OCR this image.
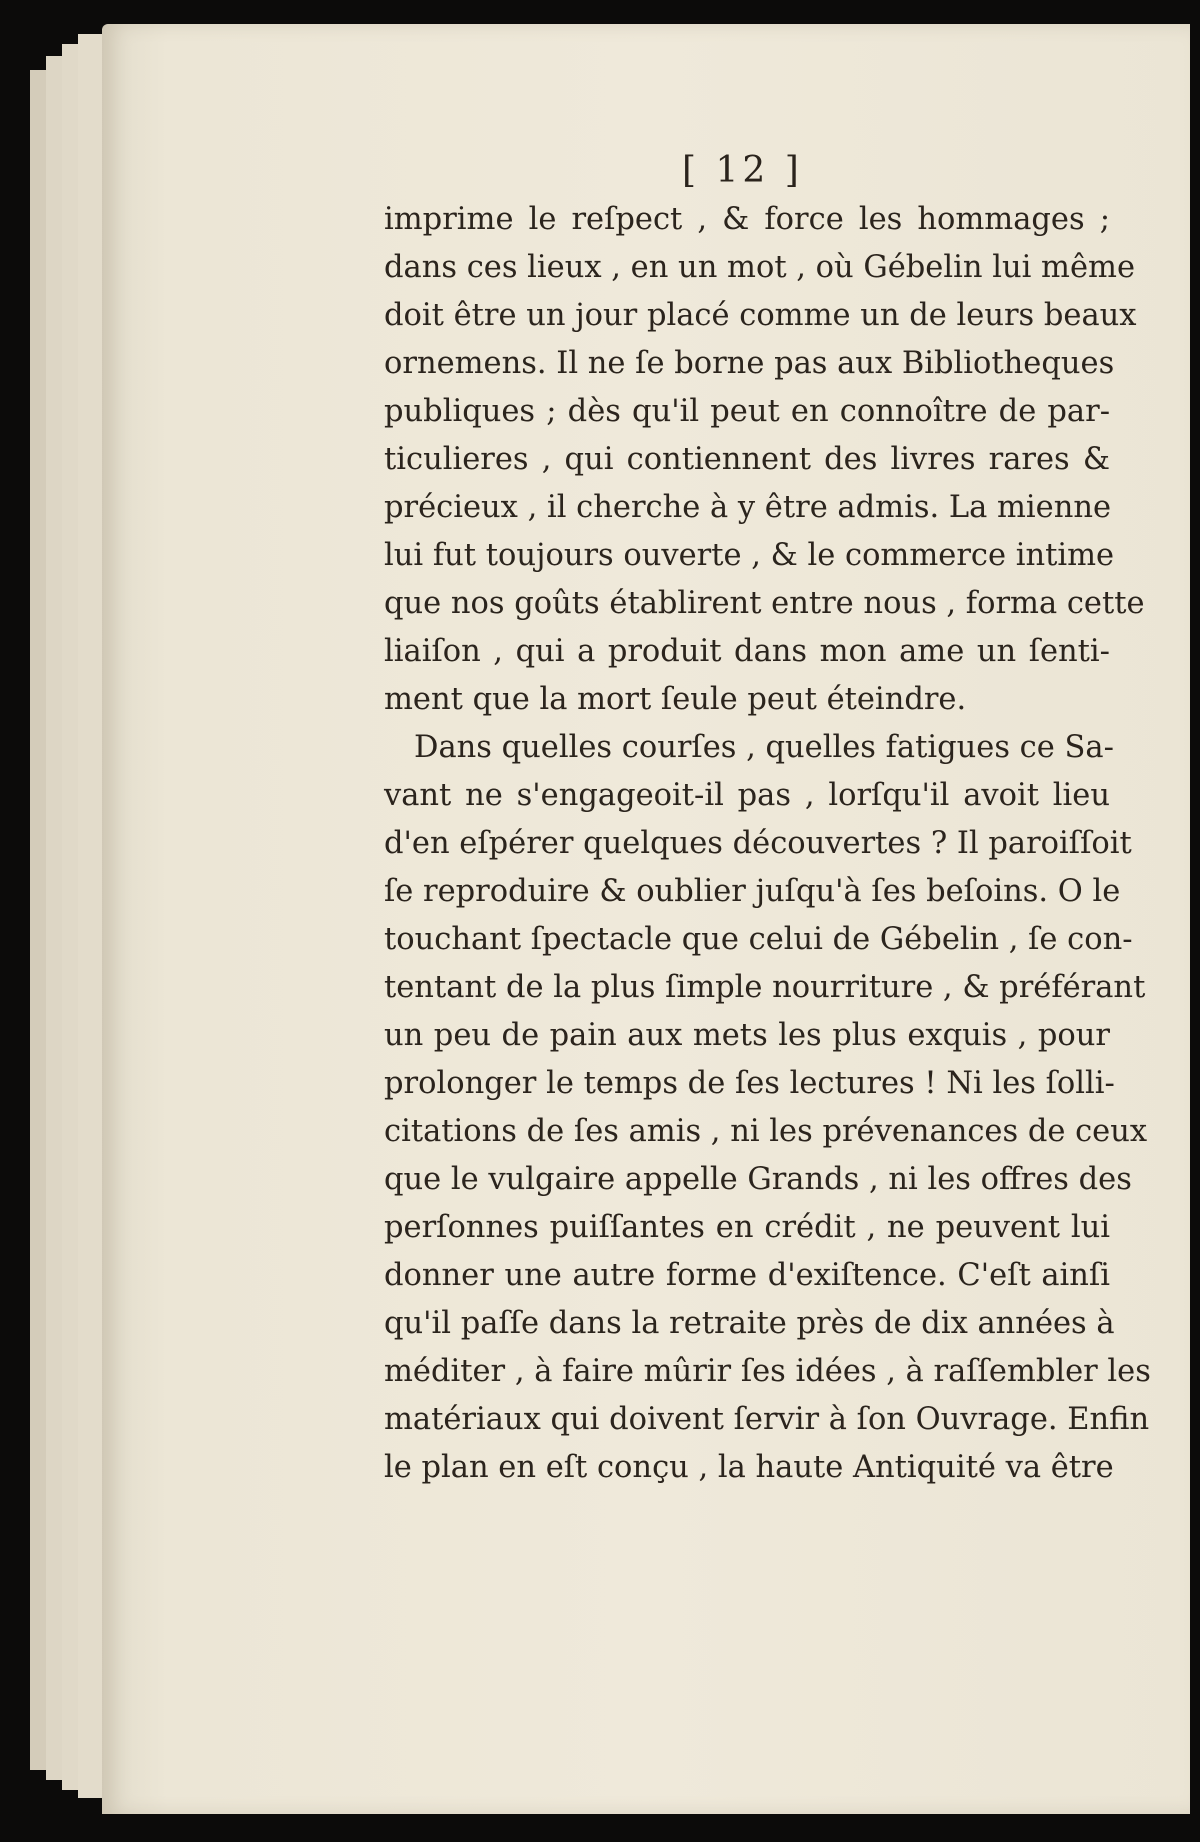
[ 12 ]
imprime le reſpect , & force les hommages ;
dans ces lieux , en un mot , où Gébelin lui même
doit être un jour placé comme un de leurs beaux
ornemens. Il ne ſe borne pas aux Bibliotheques
publiques ; dès qu'il peut en connoître de par-
ticulieres , qui contiennent des livres rares &
précieux , il cherche à y être admis. La mienne
lui fut toujours ouverte , & le commerce intime
que nos goûts établirent entre nous , forma cette
liaiſon , qui a produit dans mon ame un ſenti-
ment que la mort ſeule peut éteindre.
Dans quelles courſes , quelles fatigues ce Sa-
vant ne s'engageoit-il pas , lorſqu'il avoit lieu
d'en eſpérer quelques découvertes ? Il paroiſſoit
ſe reproduire & oublier juſqu'à ſes beſoins. O le
touchant ſpectacle que celui de Gébelin , ſe con-
tentant de la plus ſimple nourriture , & préférant
un peu de pain aux mets les plus exquis , pour
prolonger le temps de ſes lectures ! Ni les ſolli-
citations de ſes amis , ni les prévenances de ceux
que le vulgaire appelle Grands , ni les offres des
perſonnes puiſſantes en crédit , ne peuvent lui
donner une autre forme d'exiſtence. C'eſt ainſi
qu'il paſſe dans la retraite près de dix années à
méditer , à faire mûrir ſes idées , à raſſembler les
matériaux qui doivent ſervir à ſon Ouvrage. Enfin
le plan en eſt conçu , la haute Antiquité va être
